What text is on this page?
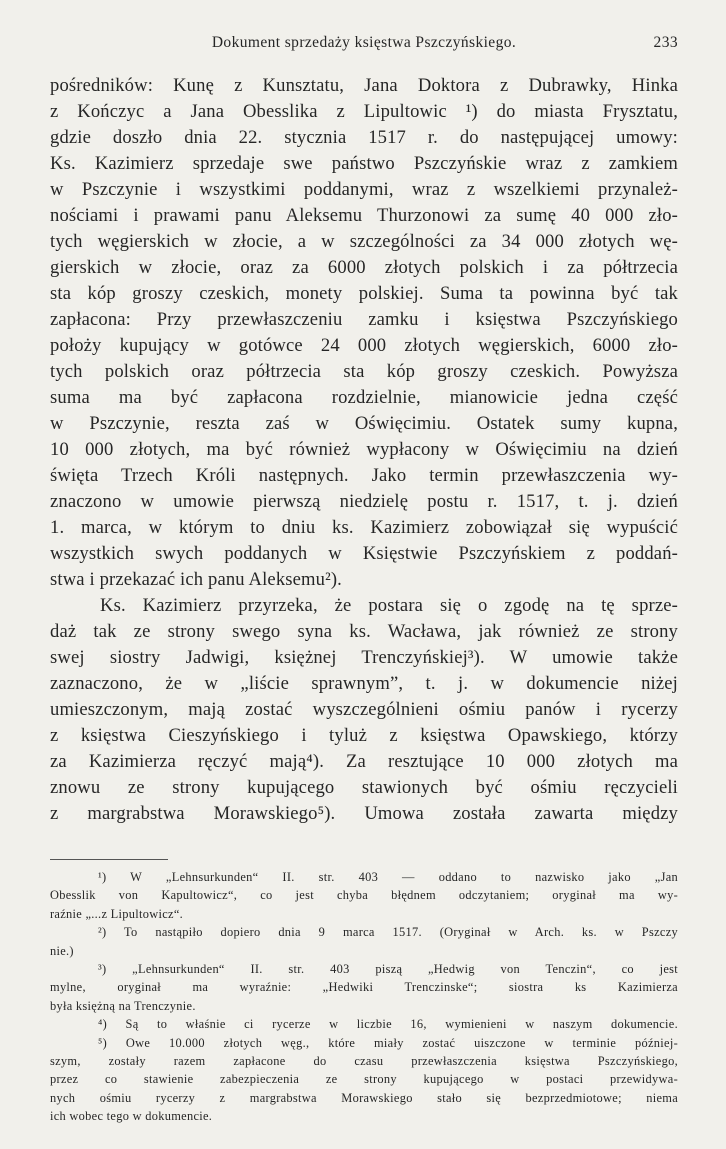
Dokument sprzedaży księstwa Pszczyńskiego.	233
pośredników: Kunę z Kunsztatu, Jana Doktora z Dubrawky, Hinka
z Kończyc a Jana Obesslika z Lipultowic ¹) do miasta Frysztatu,
gdzie doszło dnia 22. stycznia 1517 r. do następującej umowy:
Ks. Kazimierz sprzedaje swe państwo Pszczyńskie wraz z zamkiem
w Pszczynie i wszystkimi poddanymi, wraz z wszelkiemi przynależ-
nościami i prawami panu Aleksemu Thurzonowi za sumę 40 000 zło-
tych węgierskich w złocie, a w szczególności za 34 000 złotych wę-
gierskich w złocie, oraz za 6000 złotych polskich i za półtrzecia
sta kóp groszy czeskich, monety polskiej. Suma ta powinna być tak
zapłacona: Przy przewłaszczeniu zamku i księstwa Pszczyńskiego
położy kupujący w gotówce 24 000 złotych węgierskich, 6000 zło-
tych polskich oraz półtrzecia sta kóp groszy czeskich. Powyższa
suma ma być zapłacona rozdzielnie, mianowicie jedna część
w Pszczynie, reszta zaś w Oświęcimiu. Ostatek sumy kupna,
10 000 złotych, ma być również wypłacony w Oświęcimiu na dzień
święta Trzech Króli następnych. Jako termin przewłaszczenia wy-
znaczono w umowie pierwszą niedzielę postu r. 1517, t. j. dzień
1. marca, w którym to dniu ks. Kazimierz zobowiązał się wypuścić
wszystkich swych poddanych w Księstwie Pszczyńskiem z poddań-
stwa i przekazać ich panu Aleksemu²).
Ks. Kazimierz przyrzeka, że postara się o zgodę na tę sprze-
daż tak ze strony swego syna ks. Wacława, jak również ze strony
swej siostry Jadwigi, księżnej Trenczyńskiej³). W umowie także
zaznaczono, że w „liście sprawnym”, t. j. w dokumencie niżej
umieszczonym, mają zostać wyszczególnieni ośmiu panów i rycerzy
z księstwa Cieszyńskiego i tyluż z księstwa Opawskiego, którzy
za Kazimierza ręczyć mają⁴). Za resztujące 10 000 złotych ma
znowu ze strony kupującego stawionych być ośmiu ręczycieli
z margrabstwa Morawskiego⁵). Umowa została zawarta między
¹) W „Lehnsurkunden“ II. str. 403 — oddano to nazwisko jako „Jan
Obesslik von Kapultowicz“, co jest chyba błędnem odczytaniem; oryginał ma wy-
raźnie „...z Lipultowicz“.
²) To nastąpiło dopiero dnia 9 marca 1517. (Oryginał w Arch. ks. w Pszczy
nie.)
³) „Lehnsurkunden“ II. str. 403 piszą „Hedwig von Tenczin“, co jest
mylne, oryginał ma wyraźnie: „Hedwiki Trenczinske“; siostra ks Kazimierza
była księżną na Trenczynie.
⁴) Są to właśnie ci rycerze w liczbie 16, wymienieni w naszym dokumencie.
⁵) Owe 10.000 złotych węg., które miały zostać uiszczone w terminie później-
szym, zostały razem zapłacone do czasu przewłaszczenia księstwa Pszczyńskiego,
przez co stawienie zabezpieczenia ze strony kupującego w postaci przewidywa-
nych ośmiu rycerzy z margrabstwa Morawskiego stało się bezprzedmiotowe; niema
ich wobec tego w dokumencie.
